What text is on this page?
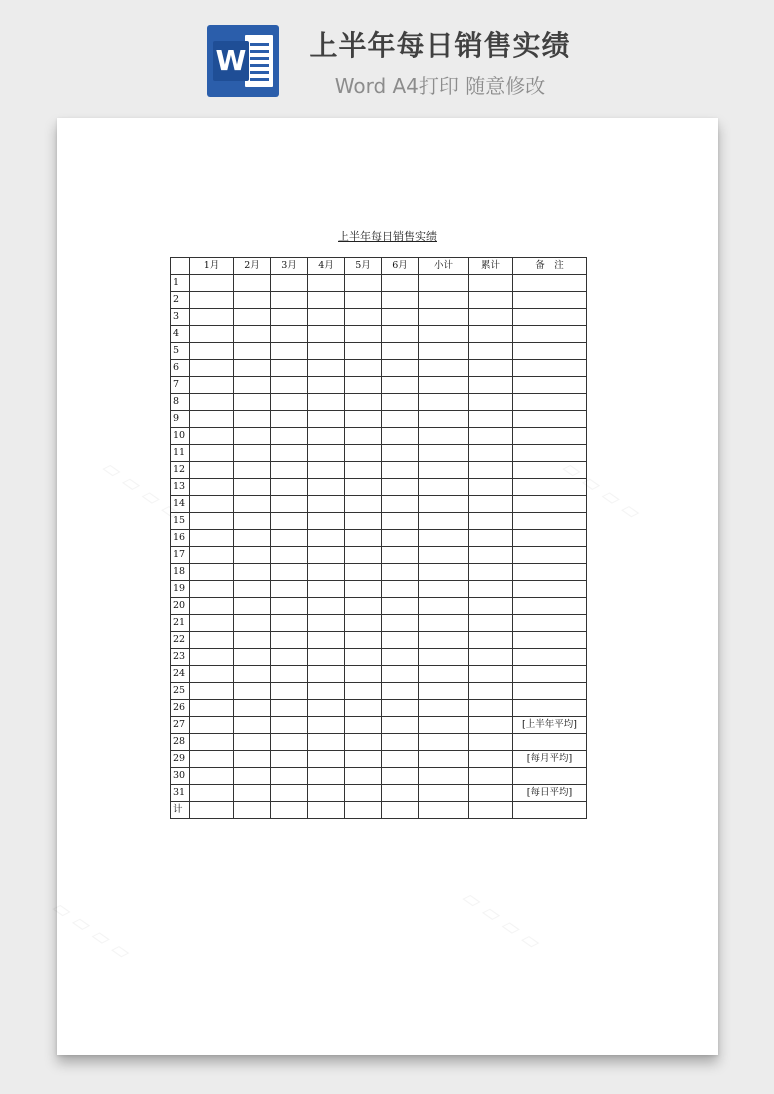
W	上半年每日销售实绩
Word A4打印 随意修改
上半年每日销售实绩
	1月	2月	3月	4月	5月	6月	小计	累计	备　注
1									
2									
3									
4									
5									
6									
7									
8									
9									
10									
11									
12									
13									
14									
15									
16									
17									
18									
19									
20									
21									
22									
23									
24									
25									
26									
27									[上半年平均]
28									
29									[每月平均]
30									
31									[每日平均]
计									
